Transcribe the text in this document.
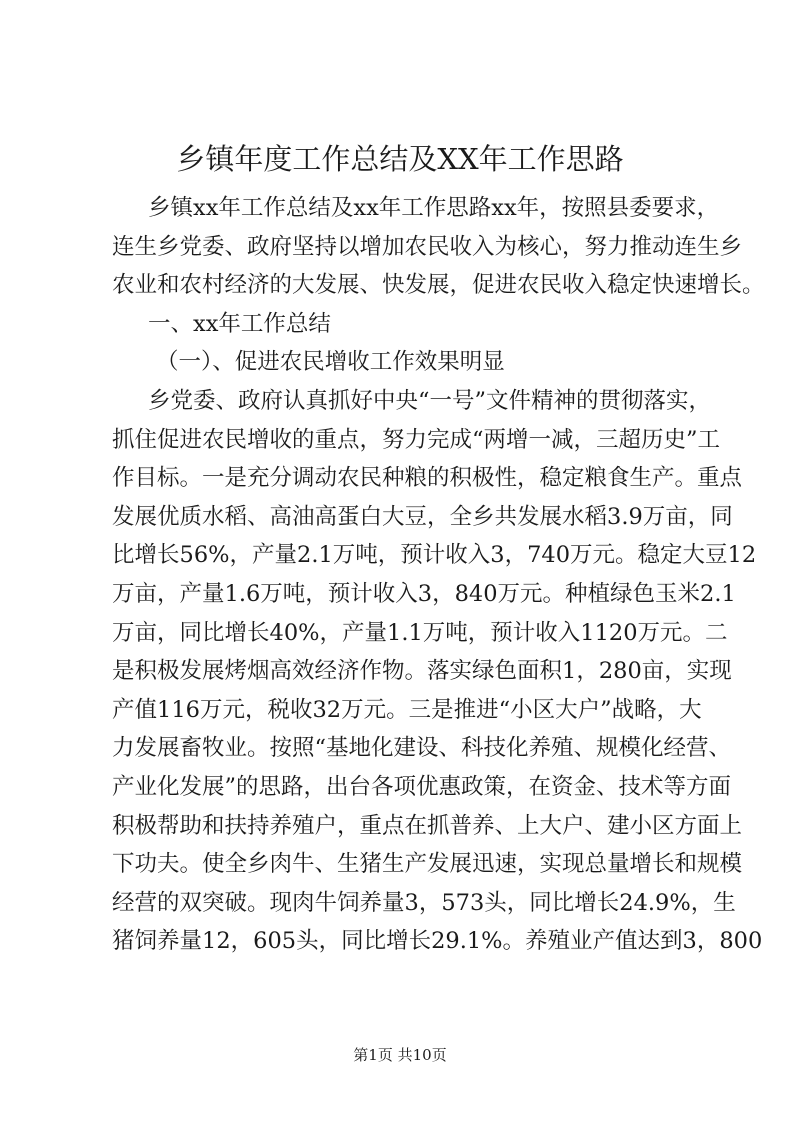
乡镇年度工作总结及XX年工作思路
乡镇xx年工作总结及xx年工作思路xx年，按照县委要求，
连生乡党委、政府坚持以增加农民收入为核心，努力推动连生乡
农业和农村经济的大发展、快发展，促进农民收入稳定快速增长。
一、xx年工作总结
（一）、促进农民增收工作效果明显
乡党委、政府认真抓好中央“一号”文件精神的贯彻落实，
抓住促进农民增收的重点，努力完成“两增一减，三超历史”工
作目标。一是充分调动农民种粮的积极性，稳定粮食生产。重点
发展优质水稻、高油高蛋白大豆，全乡共发展水稻3.9万亩，同
比增长56%，产量2.1万吨，预计收入3，740万元。稳定大豆12
万亩，产量1.6万吨，预计收入3，840万元。种植绿色玉米2.1
万亩，同比增长40%，产量1.1万吨，预计收入1120万元。二
是积极发展烤烟高效经济作物。落实绿色面积1，280亩，实现
产值116万元，税收32万元。三是推进“小区大户”战略，大
力发展畜牧业。按照“基地化建设、科技化养殖、规模化经营、
产业化发展”的思路，出台各项优惠政策，在资金、技术等方面
积极帮助和扶持养殖户，重点在抓普养、上大户、建小区方面上
下功夫。使全乡肉牛、生猪生产发展迅速，实现总量增长和规模
经营的双突破。现肉牛饲养量3，573头，同比增长24.9%，生
猪饲养量12，605头，同比增长29.1%。养殖业产值达到3，800
第1页 共10页
